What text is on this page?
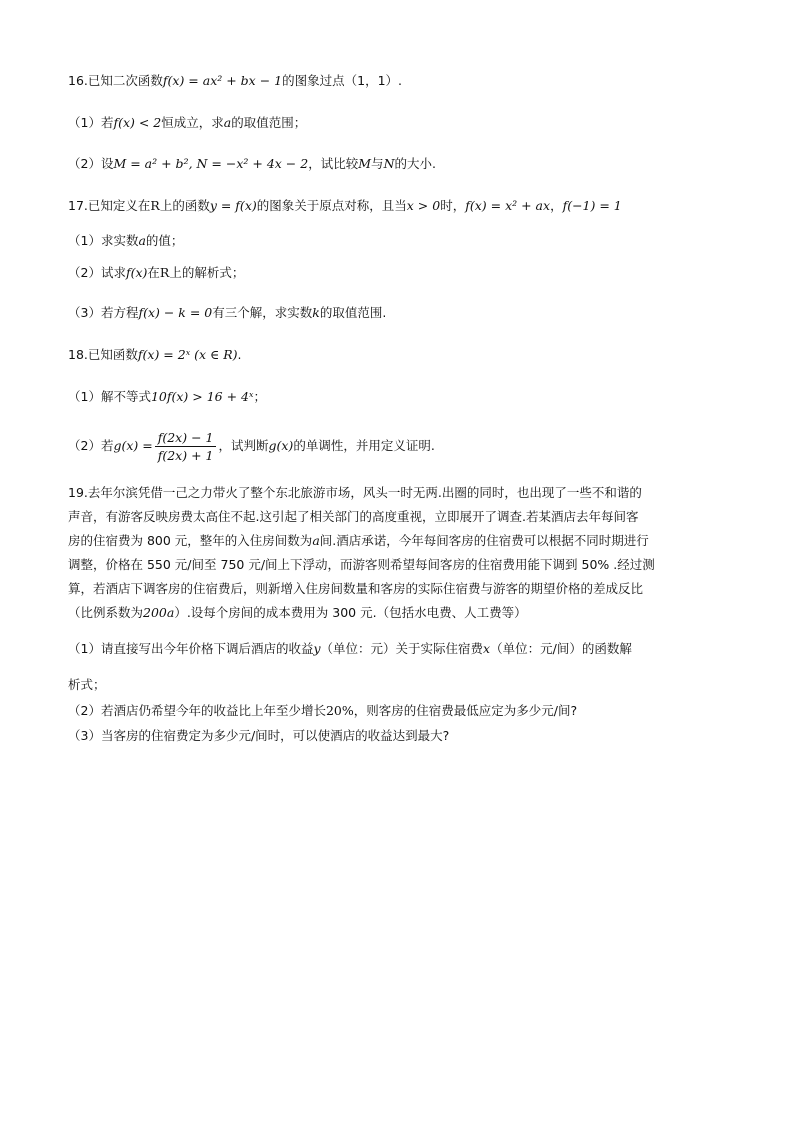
16.已知二次函数f(x) = ax² + bx − 1的图象过点（1，1）.
（1）若f(x) < 2恒成立，求a的取值范围；
（2）设M = a² + b², N = −x² + 4x − 2，试比较M与N的大小.
17.已知定义在R上的函数y = f(x)的图象关于原点对称，且当x > 0时，f(x) = x² + ax，f(−1) = 1
（1）求实数a的值；
（2）试求f(x)在R上的解析式；
（3）若方程f(x) − k = 0有三个解，求实数k的取值范围.
18.已知函数f(x) = 2ˣ (x ∈ R).
（1）解不等式10f(x) > 16 + 4ˣ；
（2）若$g(x) = \frac{f(2x) - 1}{f(2x) + 1}$ ，试判断g(x)的单调性，并用定义证明.
19.去年尔滨凭借一己之力带火了整个东北旅游市场，风头一时无两.出圈的同时，也出现了一些不和谐的
声音，有游客反映房费太高住不起.这引起了相关部门的高度重视，立即展开了调查.若某酒店去年每间客
房的住宿费为 800 元，整年的入住房间数为a间.酒店承诺，今年每间客房的住宿费可以根据不同时期进行
调整，价格在 550 元/间至 750 元/间上下浮动，而游客则希望每间客房的住宿费用能下调到 50% .经过测
算，若酒店下调客房的住宿费后，则新增入住房间数量和客房的实际住宿费与游客的期望价格的差成反比
（比例系数为200a）.设每个房间的成本费用为 300 元.（包括水电费、人工费等）
（1）请直接写出今年价格下调后酒店的收益y（单位：元）关于实际住宿费x（单位：元/间）的函数解
析式；
（2）若酒店仍希望今年的收益比上年至少增长20%，则客房的住宿费最低应定为多少元/间?
（3）当客房的住宿费定为多少元/间时，可以使酒店的收益达到最大?
